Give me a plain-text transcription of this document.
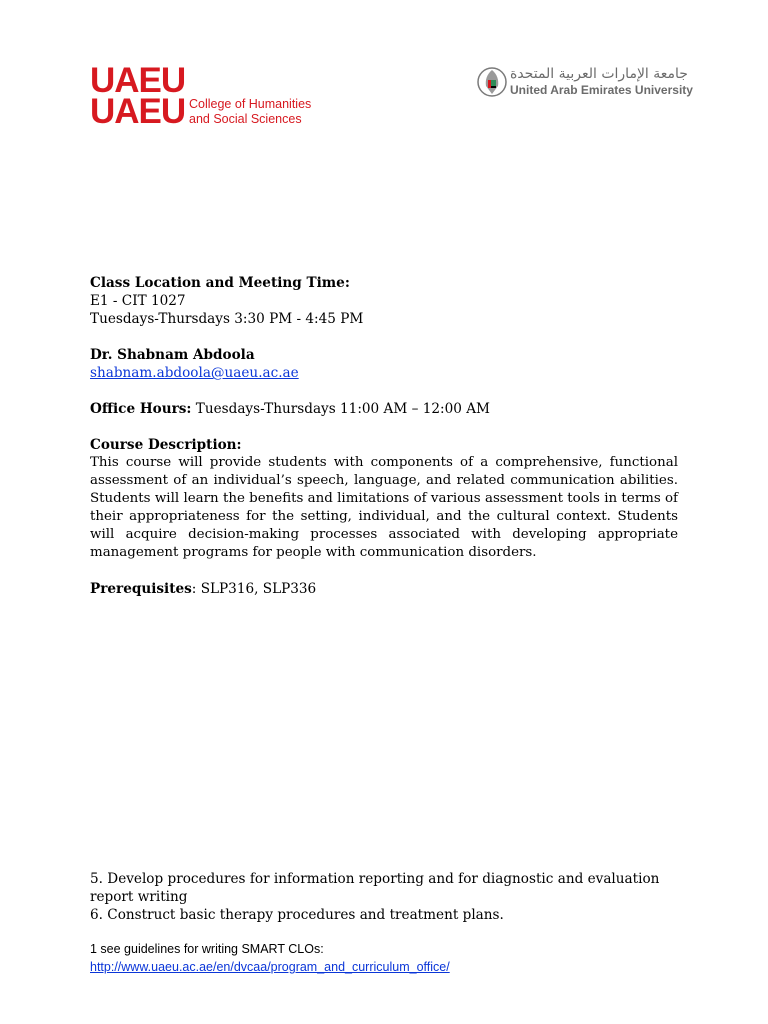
UAEU
UAEU College of Humanities
and Social Sciences
جامعة الإمارات العربية المتحدة
United Arab Emirates University

Class Location and Meeting Time:

E1 - CIT 1027

Tuesdays-Thursdays 3:30 PM - 4:45 PM

Dr. Shabnam Abdoola

shabnam.abdoola@uaeu.ac.ae

Office Hours: Tuesdays-Thursdays 11:00 AM – 12:00 AM

Course Description:

This course will provide students with components of a comprehensive, functional assessment of an individual’s speech, language, and related communication abilities. Students will learn the benefits and limitations of various assessment tools in terms of their appropriateness for the setting, individual, and the cultural context. Students will acquire decision-making processes associated with developing appropriate management programs for people with communication disorders.

Prerequisites: SLP316, SLP336

5. Develop procedures for information reporting and for diagnostic and evaluation report writing

6. Construct basic therapy procedures and treatment plans.

1 see guidelines for writing SMART CLOs:

http://www.uaeu.ac.ae/en/dvcaa/program_and_curriculum_office/
